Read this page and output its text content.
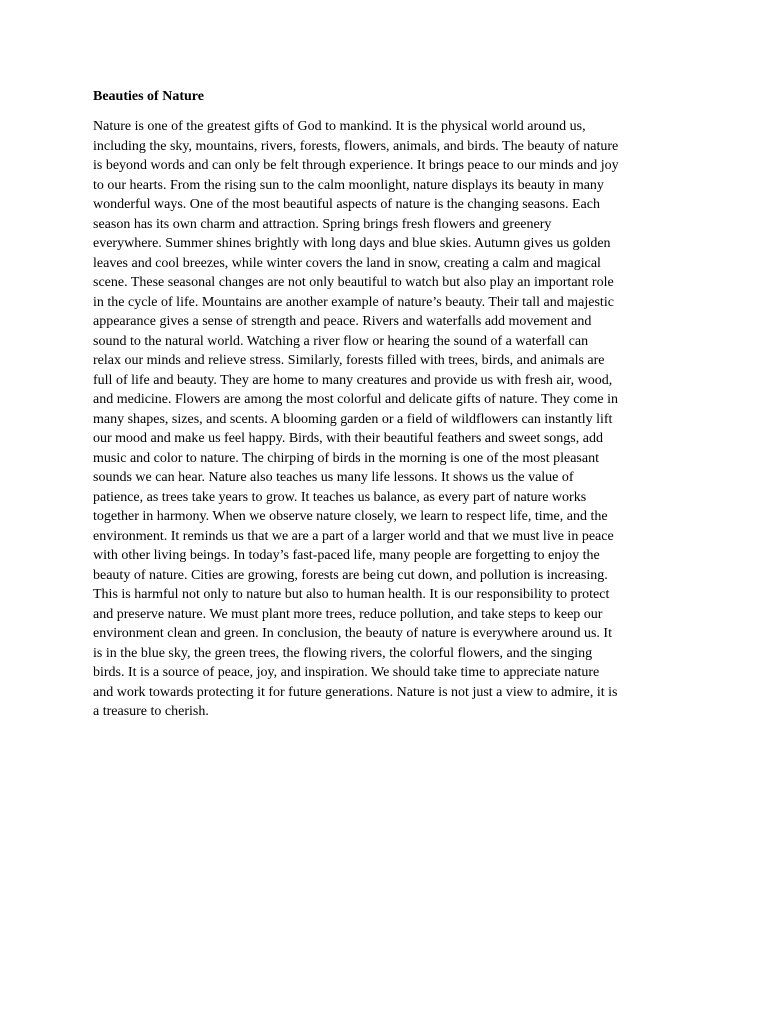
Beauties of Nature
Nature is one of the greatest gifts of God to mankind. It is the physical world around us,
including the sky, mountains, rivers, forests, flowers, animals, and birds. The beauty of nature
is beyond words and can only be felt through experience. It brings peace to our minds and joy
to our hearts. From the rising sun to the calm moonlight, nature displays its beauty in many
wonderful ways. One of the most beautiful aspects of nature is the changing seasons. Each
season has its own charm and attraction. Spring brings fresh flowers and greenery
everywhere. Summer shines brightly with long days and blue skies. Autumn gives us golden
leaves and cool breezes, while winter covers the land in snow, creating a calm and magical
scene. These seasonal changes are not only beautiful to watch but also play an important role
in the cycle of life. Mountains are another example of nature’s beauty. Their tall and majestic
appearance gives a sense of strength and peace. Rivers and waterfalls add movement and
sound to the natural world. Watching a river flow or hearing the sound of a waterfall can
relax our minds and relieve stress. Similarly, forests filled with trees, birds, and animals are
full of life and beauty. They are home to many creatures and provide us with fresh air, wood,
and medicine. Flowers are among the most colorful and delicate gifts of nature. They come in
many shapes, sizes, and scents. A blooming garden or a field of wildflowers can instantly lift
our mood and make us feel happy. Birds, with their beautiful feathers and sweet songs, add
music and color to nature. The chirping of birds in the morning is one of the most pleasant
sounds we can hear. Nature also teaches us many life lessons. It shows us the value of
patience, as trees take years to grow. It teaches us balance, as every part of nature works
together in harmony. When we observe nature closely, we learn to respect life, time, and the
environment. It reminds us that we are a part of a larger world and that we must live in peace
with other living beings. In today’s fast-paced life, many people are forgetting to enjoy the
beauty of nature. Cities are growing, forests are being cut down, and pollution is increasing.
This is harmful not only to nature but also to human health. It is our responsibility to protect
and preserve nature. We must plant more trees, reduce pollution, and take steps to keep our
environment clean and green. In conclusion, the beauty of nature is everywhere around us. It
is in the blue sky, the green trees, the flowing rivers, the colorful flowers, and the singing
birds. It is a source of peace, joy, and inspiration. We should take time to appreciate nature
and work towards protecting it for future generations. Nature is not just a view to admire, it is
a treasure to cherish.
